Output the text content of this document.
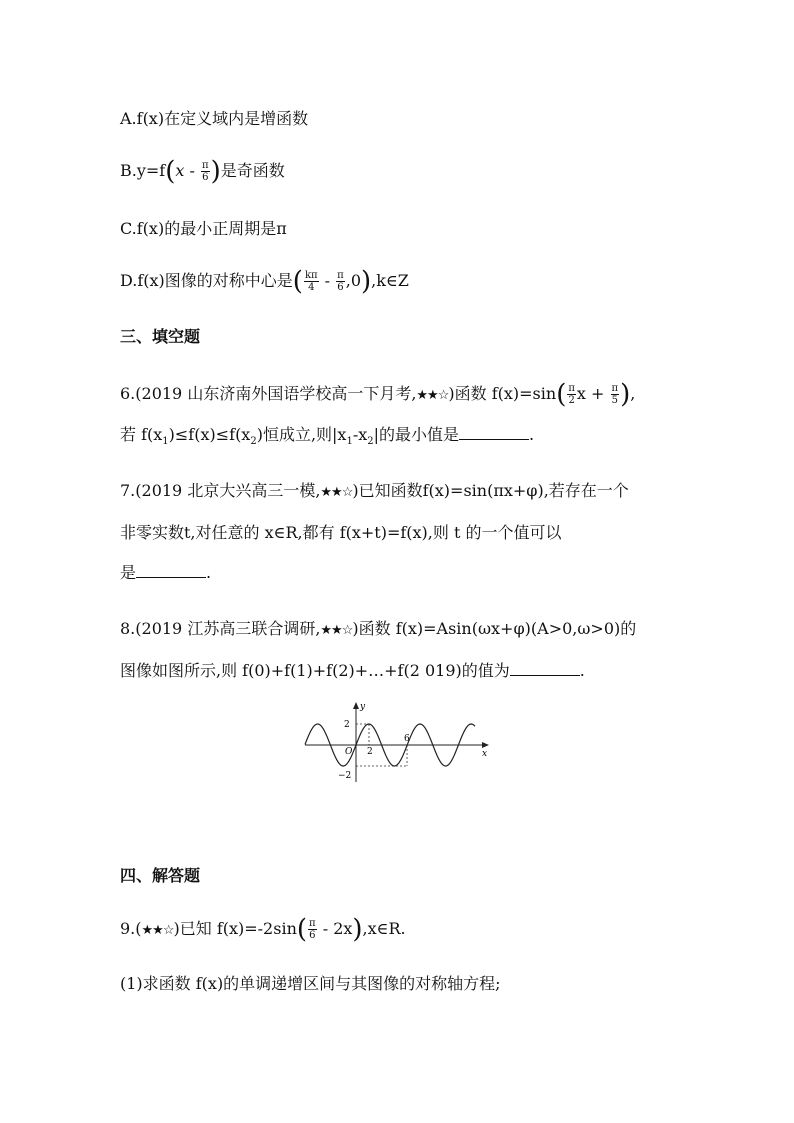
A.f(x)在定义域内是增函数
$B.y=f(x - \frac{\pi}{6}$ )是奇函数
C.f(x)的最小正周期是π
D.f(x)图像的对称中心是( $\frac{k\pi}{4} - \frac{\pi}{6}$ ,0),k∈Z
三、填空题
6.(2019 山东济南外国语学校高一下月考,★★☆)函数 $f(x)=\sin( \frac{\pi}{2}$ $x + \frac{\pi}{5}$ ),
若 $f(x_1)\le f(x)\le f(x_2)$恒成立,则$|x_1-x_2|$的最小值是	.
7.(2019 北京大兴高三一模,★★☆)已知函数f(x)=sin(πx+φ),若存在一个
非零实数t,对任意的 x∈R,都有 f(x+t)=f(x),则 t 的一个值可以
是	.
8.(2019 江苏高三联合调研,★★☆)函数 f(x)=Asin(ωx+φ)(A>0,ω>0)的
图像如图所示,则 f(0)+f(1)+f(2)+…+f(2 019)的值为	.
y
x
O
2
−2
2
6
四、解答题
9.(★★☆)已知 $f(x)=-2\sin( \frac{\pi}{6}$ - 2x),x∈R.
(1)求函数 f(x)的单调递增区间与其图像的对称轴方程;
